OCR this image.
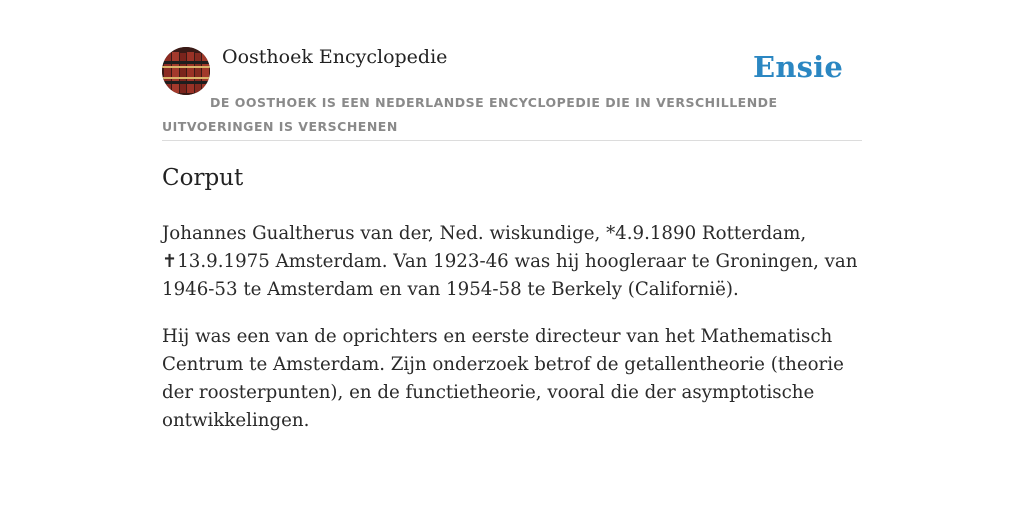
Oosthoek Encyclopedie	Ensie

DE OOSTHOEK IS EEN NEDERLANDSE ENCYCLOPEDIE DIE IN VERSCHILLENDE UITVOERINGEN IS VERSCHENEN

Corput

Johannes Gualtherus van der, Ned. wiskundige, *4.9.1890 Rotterdam, ✝13.9.1975 Amsterdam. Van 1923-46 was hij hoogleraar te Groningen, van 1946-53 te Amsterdam en van 1954-58 te Berkely (Californië).

Hij was een van de oprichters en eerste directeur van het Mathematisch Centrum te Amsterdam. Zijn onderzoek betrof de getallentheorie (theorie der roosterpunten), en de functietheorie, vooral die der asymptotische ontwikkelingen.
